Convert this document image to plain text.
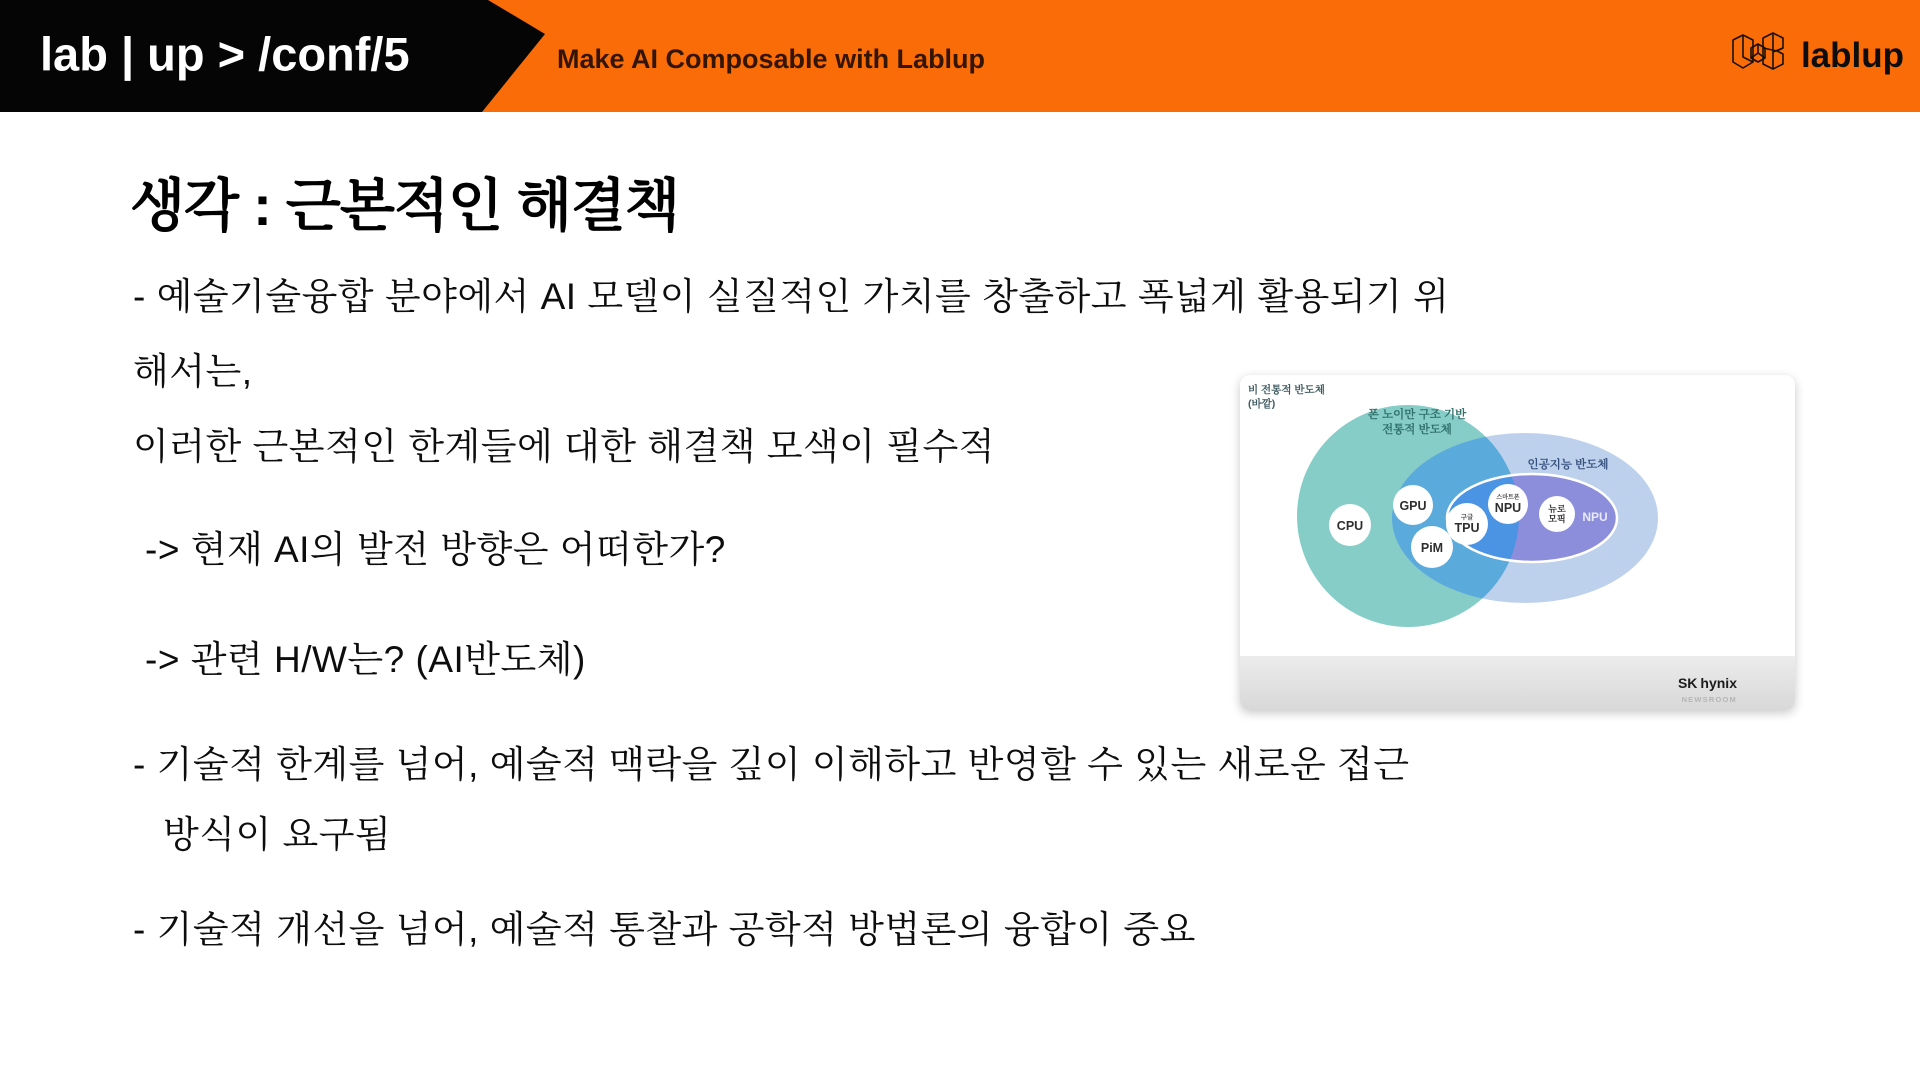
lab | up > /conf/5	Make AI Composable with Lablup	lablup
생각 : 근본적인 해결책
- 예술기술융합 분야에서 AI 모델이 실질적인 가치를 창출하고 폭넓게 활용되기 위
해서는,
이러한 근본적인 한계들에 대한 해결책 모색이 필수적
-> 현재 AI의 발전 방향은 어떠한가?
-> 관련 H/W는? (AI반도체)
- 기술적 한계를 넘어, 예술적 맥락을 깊이 이해하고 반영할 수 있는 새로운 접근
방식이 요구됨
- 기술적 개선을 넘어, 예술적 통찰과 공학적 방법론의 융합이 중요
비 전통적 반도체
(바깥)
폰 노이만 구조 기반
전통적 반도체
인공지능 반도체
CPU
GPU
PiM
구글
TPU
스마트폰
NPU	뉴로
모픽 NPU
SK hynix
NEWSROOM
